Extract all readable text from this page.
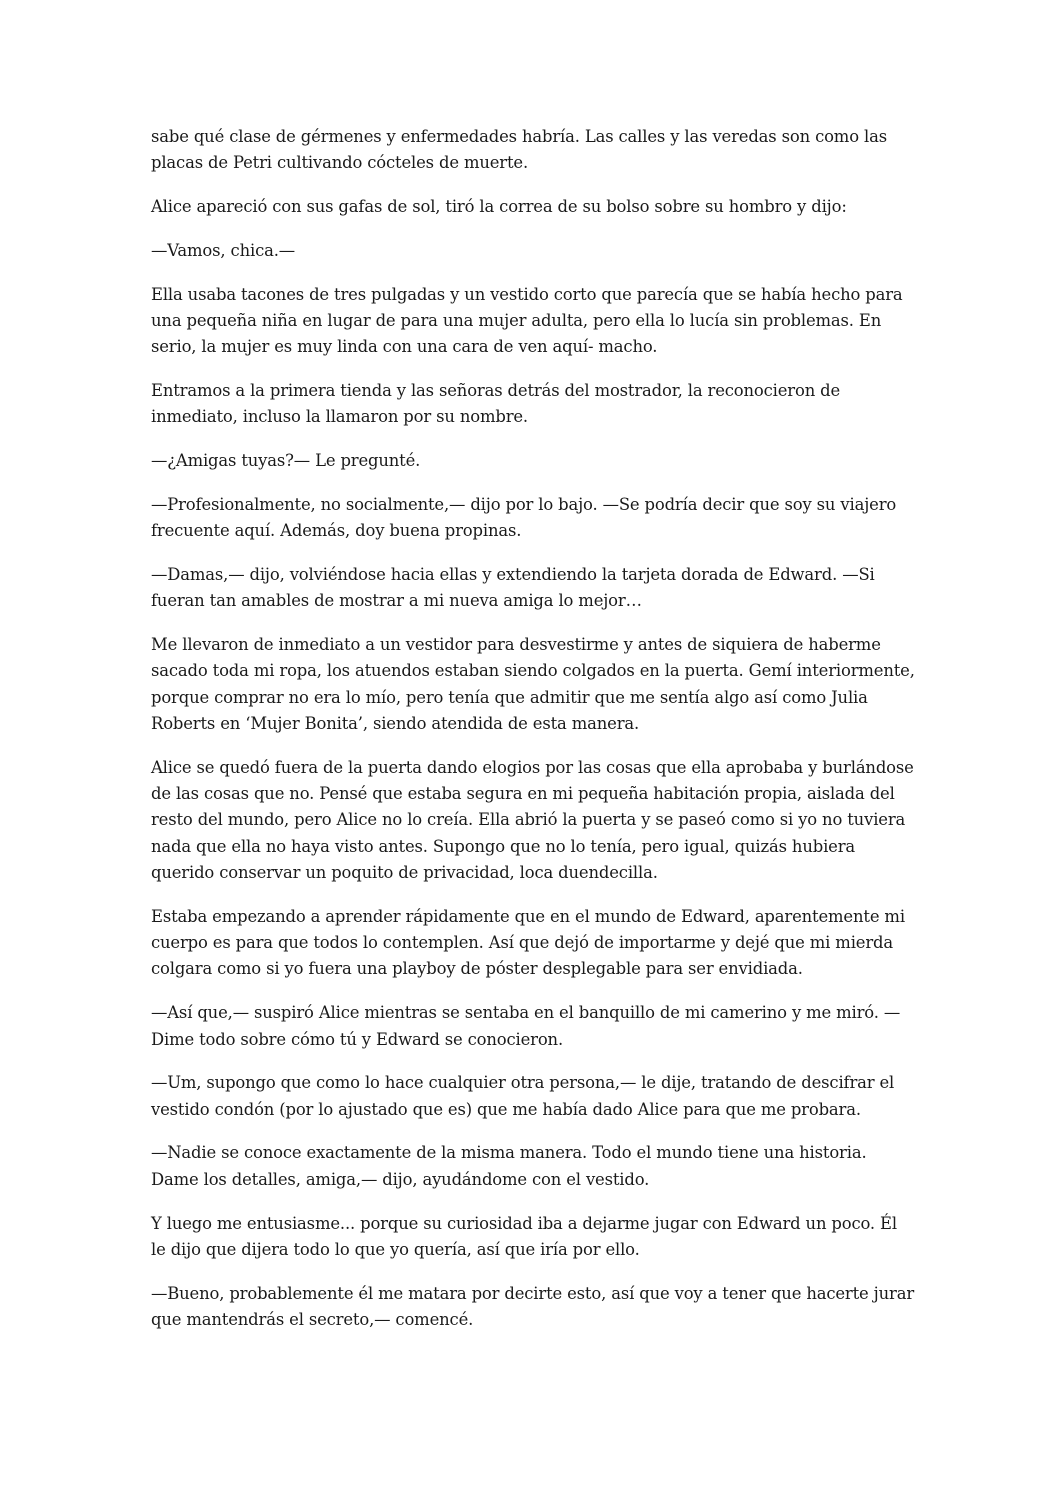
sabe qué clase de gérmenes y enfermedades habría. Las calles y las veredas son como las placas de Petri cultivando cócteles de muerte.

Alice apareció con sus gafas de sol, tiró la correa de su bolso sobre su hombro y dijo:

—Vamos, chica.—

Ella usaba tacones de tres pulgadas y un vestido corto que parecía que se había hecho para una pequeña niña en lugar de para una mujer adulta, pero ella lo lucía sin problemas. En serio, la mujer es muy linda con una cara de ven aquí- macho.

Entramos a la primera tienda y las señoras detrás del mostrador, la reconocieron de inmediato, incluso la llamaron por su nombre.

—¿Amigas tuyas?— Le pregunté.

—Profesionalmente, no socialmente,— dijo por lo bajo. —Se podría decir que soy su viajero frecuente aquí. Además, doy buena propinas.

—Damas,— dijo, volviéndose hacia ellas y extendiendo la tarjeta dorada de Edward. —Si fueran tan amables de mostrar a mi nueva amiga lo mejor…

Me llevaron de inmediato a un vestidor para desvestirme y antes de siquiera de haberme sacado toda mi ropa, los atuendos estaban siendo colgados en la puerta. Gemí interiormente, porque comprar no era lo mío, pero tenía que admitir que me sentía algo así como Julia Roberts en ‘Mujer Bonita’, siendo atendida de esta manera.

Alice se quedó fuera de la puerta dando elogios por las cosas que ella aprobaba y burlándose de las cosas que no. Pensé que estaba segura en mi pequeña habitación propia, aislada del resto del mundo, pero Alice no lo creía. Ella abrió la puerta y se paseó como si yo no tuviera nada que ella no haya visto antes. Supongo que no lo tenía, pero igual, quizás hubiera querido conservar un poquito de privacidad, loca duendecilla.

Estaba empezando a aprender rápidamente que en el mundo de Edward, aparentemente mi cuerpo es para que todos lo contemplen. Así que dejó de importarme y dejé que mi mierda colgara como si yo fuera una playboy de póster desplegable para ser envidiada.

—Así que,— suspiró Alice mientras se sentaba en el banquillo de mi camerino y me miró. —Dime todo sobre cómo tú y Edward se conocieron.

—Um, supongo que como lo hace cualquier otra persona,— le dije, tratando de descifrar el vestido condón (por lo ajustado que es) que me había dado Alice para que me probara.

—Nadie se conoce exactamente de la misma manera. Todo el mundo tiene una historia. Dame los detalles, amiga,— dijo, ayudándome con el vestido.

Y luego me entusiasme... porque su curiosidad iba a dejarme jugar con Edward un poco. Él le dijo que dijera todo lo que yo quería, así que iría por ello.

—Bueno, probablemente él me matara por decirte esto, así que voy a tener que hacerte jurar que mantendrás el secreto,— comencé.
